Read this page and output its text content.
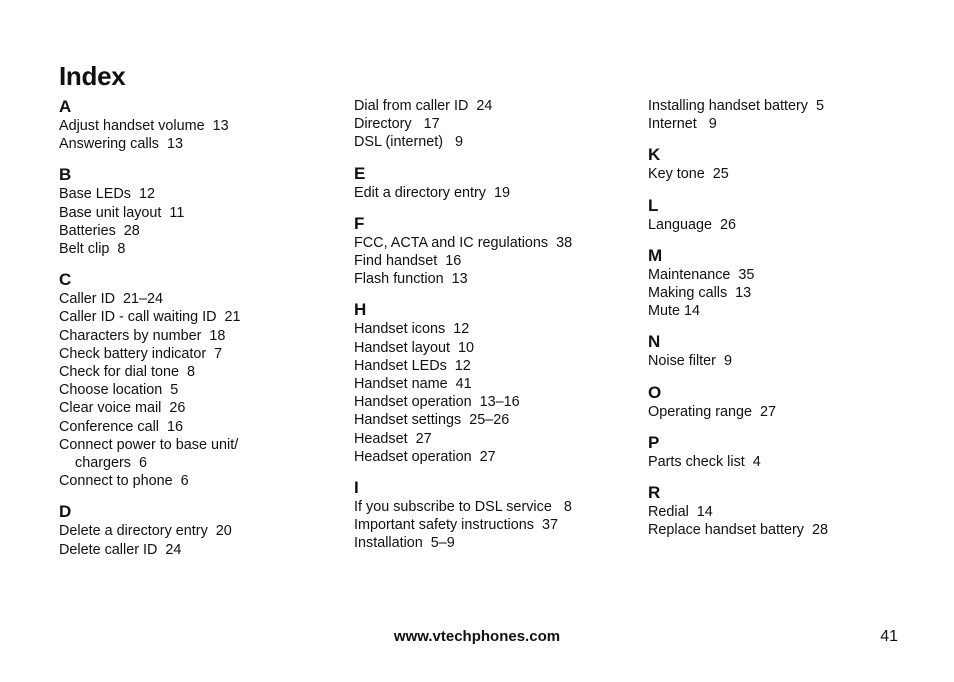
Index
A
Adjust handset volume  13
Answering calls  13
B
Base LEDs  12
Base unit layout  11
Batteries  28
Belt clip  8
C
Caller ID  21–24
Caller ID - call waiting ID  21
Characters by number  18
Check battery indicator  7
Check for dial tone  8
Choose location  5
Clear voice mail  26
Conference call  16
Connect power to base unit/
chargers  6
Connect to phone  6
D
Delete a directory entry  20
Delete caller ID  24
Dial from caller ID  24
Directory   17
DSL (internet)   9
E
Edit a directory entry  19
F
FCC, ACTA and IC regulations  38
Find handset  16
Flash function  13
H
Handset icons  12
Handset layout  10
Handset LEDs  12
Handset name  41
Handset operation  13–16
Handset settings  25–26
Headset  27
Headset operation  27
I
If you subscribe to DSL service   8
Important safety instructions  37
Installation  5–9
Installing handset battery  5
Internet   9
K
Key tone  25
L
Language  26
M
Maintenance  35
Making calls  13
Mute 14
N
Noise filter  9
O
Operating range  27
P
Parts check list  4
R
Redial  14
Replace handset battery  28
www.vtechphones.com	41
